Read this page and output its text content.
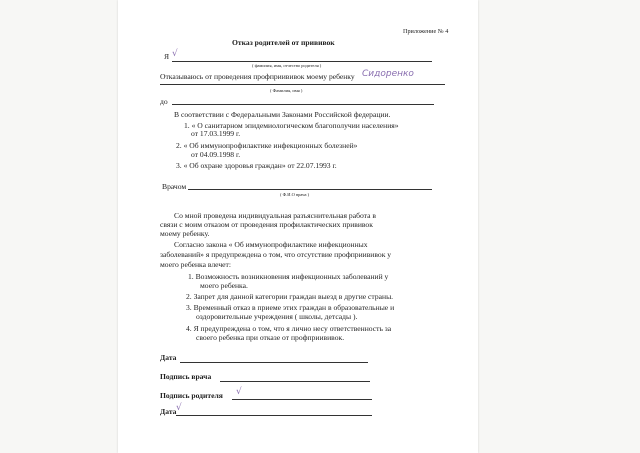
Приложение № 4
Отказ родителей от прививок
Я √
( фамилия, имя, отчество родителя )
Отказываюсь от проведения профприививок моему ребенку Сидоренко
( Фамилия, имя )
до
В соответствии с Федеральными Законами Российской федерации.
1. « О санитарном эпидемиологическом благополучии населения»
от 17.03.1999 г.
2. « Об иммунопрофилактике инфекционных болезней»
от 04.09.1998 г.
3. « Об охране здоровья граждан» от 22.07.1993 г.
Врачом
( Ф.И.О врача )
Со мной проведена индивидуальная разъяснительная работа в
связи с моим отказом от проведения профилактических прививок
моему ребенку.
Согласно закона « Об иммунопрофилактике инфекционных
заболеваний» я предупреждена о том, что отсутствие профприививок у
моего ребенка влечет:
1. Возможность возникновения инфекционных заболеваний у
моего ребенка.
2. Запрет для данной категории граждан выезд в другие страны.
3. Временный отказ в приеме этих граждан в образовательные и
оздоровительные учреждения ( школы, детсады ).
4. Я предупреждена о том, что я лично несу ответственность за
своего ребенка при отказе от профприививок.
Дата
Подпись врача
Подпись родителя √
Дата √
